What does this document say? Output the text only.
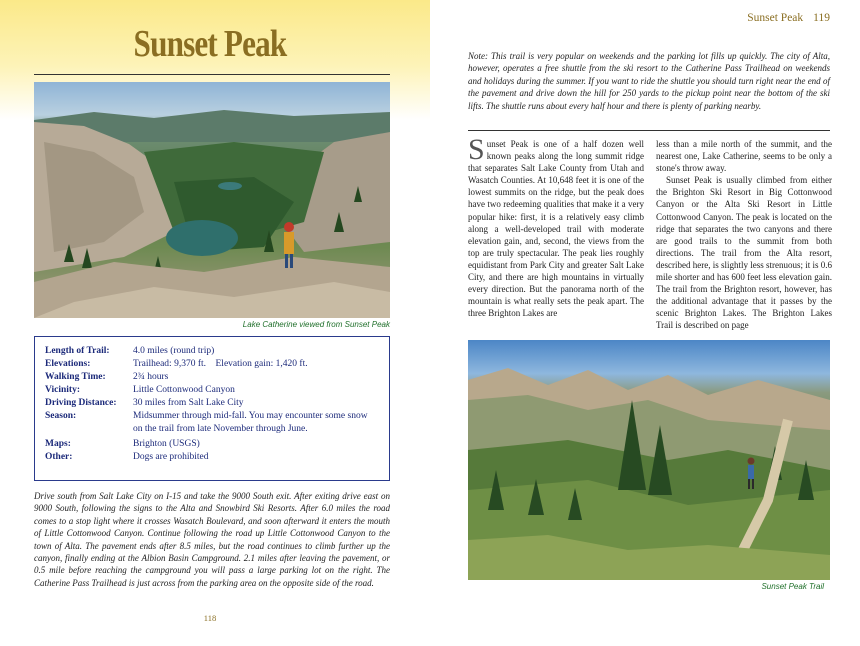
Sunset Peak
Lake Catherine viewed from Sunset Peak
Length of Trail:	4.0 miles (round trip)
Elevations:	Trailhead: 9,370 ft.    Elevation gain: 1,420 ft.
Walking Time:	2¾ hours
Vicinity:	Little Cottonwood Canyon
Driving Distance:	30 miles from Salt Lake City
Season:	Midsummer through mid-fall. You may encounter some snow on the trail from late November through June.
Maps:	Brighton (USGS)
Other:	Dogs are prohibited
Drive south from Salt Lake City on I-15 and take the 9000 South exit. After exiting drive east on 9000 South, following the signs to the Alta and Snowbird Ski Resorts. After 6.0 miles the road comes to a stop light where it crosses Wasatch Boulevard, and soon afterward it enters the mouth of Little Cottonwood Canyon. Continue following the road up Little Cottonwood Canyon to the town of Alta. The pavement ends after 8.5 miles, but the road continues to climb further up the canyon, finally ending at the Albion Basin Campground. 2.1 miles after leaving the pavement, or 0.5 mile before reaching the campground you will pass a large parking lot on the right. The Catherine Pass Trailhead is just across from the parking area on the opposite side of the road.
118
Sunset Peak 119
Note: This trail is very popular on weekends and the parking lot fills up quickly. The city of Alta, however, operates a free shuttle from the ski resort to the Catherine Pass Trailhead on weekends and holidays during the summer. If you want to ride the shuttle you should turn right near the end of the pavement and drive down the hill for 250 yards to the pickup point near the bottom of the ski lifts. The shuttle runs about every half hour and there is plenty of parking nearby.

Sunset Peak is one of a half dozen well known peaks along the long summit ridge that separates Salt Lake County from Utah and Wasatch Counties. At 10,648 feet it is one of the lowest summits on the ridge, but the peak does have two redeeming qualities that make it a very popular hike: first, it is a relatively easy climb along a well-developed trail with moderate elevation gain, and, second, the views from the top are truly spectacular. The peak lies roughly equidistant from Park City and greater Salt Lake City, and there are high mountains in virtually every direction. But the panorama north of the mountain is what really sets the peak apart. The three Brighton Lakes are

less than a mile north of the summit, and the nearest one, Lake Catherine, seems to be only a stone's throw away.

Sunset Peak is usually climbed from either the Brighton Ski Resort in Big Cottonwood Canyon or the Alta Ski Resort in Little Cottonwood Canyon. The peak is located on the ridge that separates the two canyons and there are good trails to the summit from both directions. The trail from the Alta resort, described here, is slightly less strenuous; it is 0.6 mile shorter and has 600 feet less elevation gain. The trail from the Brighton resort, however, has the additional advantage that it passes by the scenic Brighton Lakes. The Brighton Lakes Trail is described on page

Sunset Peak Trail
